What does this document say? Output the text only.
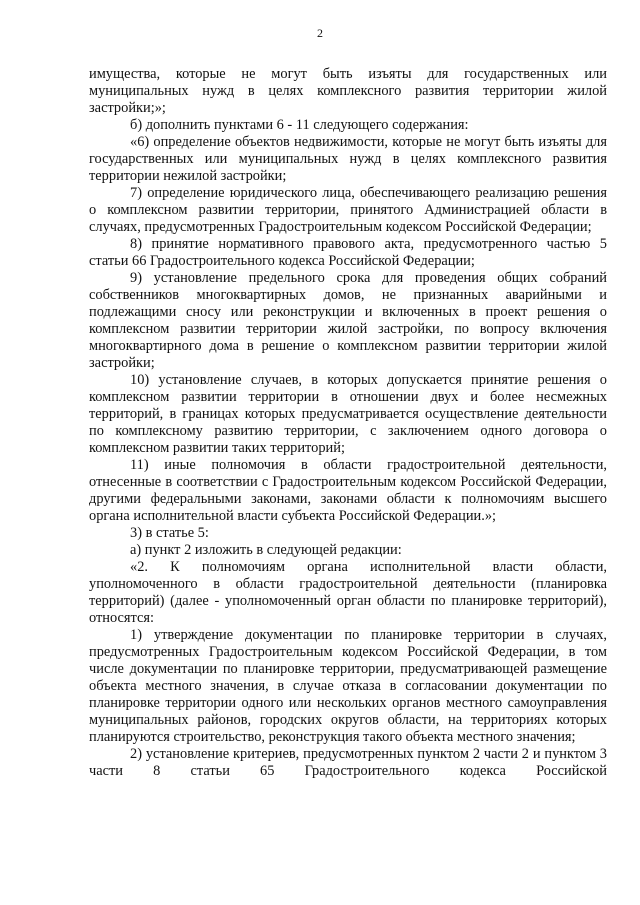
2

имущества, которые не могут быть изъяты для государственных или муниципальных нужд в целях комплексного развития территории жилой застройки;»;

б) дополнить пунктами 6 - 11 следующего содержания:

«6) определение объектов недвижимости, которые не могут быть изъяты для государственных или муниципальных нужд в целях комплексного развития территории нежилой застройки;

7) определение юридического лица, обеспечивающего реализацию решения о комплексном развитии территории, принятого Администрацией области в случаях, предусмотренных Градостроительным кодексом Российской Федерации;

8) принятие нормативного правового акта, предусмотренного частью 5 статьи 66 Градостроительного кодекса Российской Федерации;

9) установление предельного срока для проведения общих собраний собственников многоквартирных домов, не признанных аварийными и подлежащими сносу или реконструкции и включенных в проект решения о комплексном развитии территории жилой застройки, по вопросу включения многоквартирного дома в решение о комплексном развитии территории жилой застройки;

10) установление случаев, в которых допускается принятие решения о комплексном развитии территории в отношении двух и более несмежных территорий, в границах которых предусматривается осуществление деятельности по комплексному развитию территории, с заключением одного договора о комплексном развитии таких территорий;

11) иные полномочия в области градостроительной деятельности, отнесенные в соответствии с Градостроительным кодексом Российской Федерации, другими федеральными законами, законами области к полномочиям высшего органа исполнительной власти субъекта Российской Федерации.»;

3) в статье 5:

а) пункт 2 изложить в следующей редакции:

«2. К полномочиям органа исполнительной власти области, уполномоченного в области градостроительной деятельности (планировка территорий) (далее - уполномоченный орган области по планировке территорий), относятся:

1) утверждение документации по планировке территории в случаях, предусмотренных Градостроительным кодексом Российской Федерации, в том числе документации по планировке территории, предусматривающей размещение объекта местного значения, в случае отказа в согласовании документации по планировке территории одного или нескольких органов местного самоуправления муниципальных районов, городских округов области, на территориях которых планируются строительство, реконструкция такого объекта местного значения;

2) установление критериев, предусмотренных пунктом 2 части 2 и пунктом 3 части 8 статьи 65 Градостроительного кодекса Российской
